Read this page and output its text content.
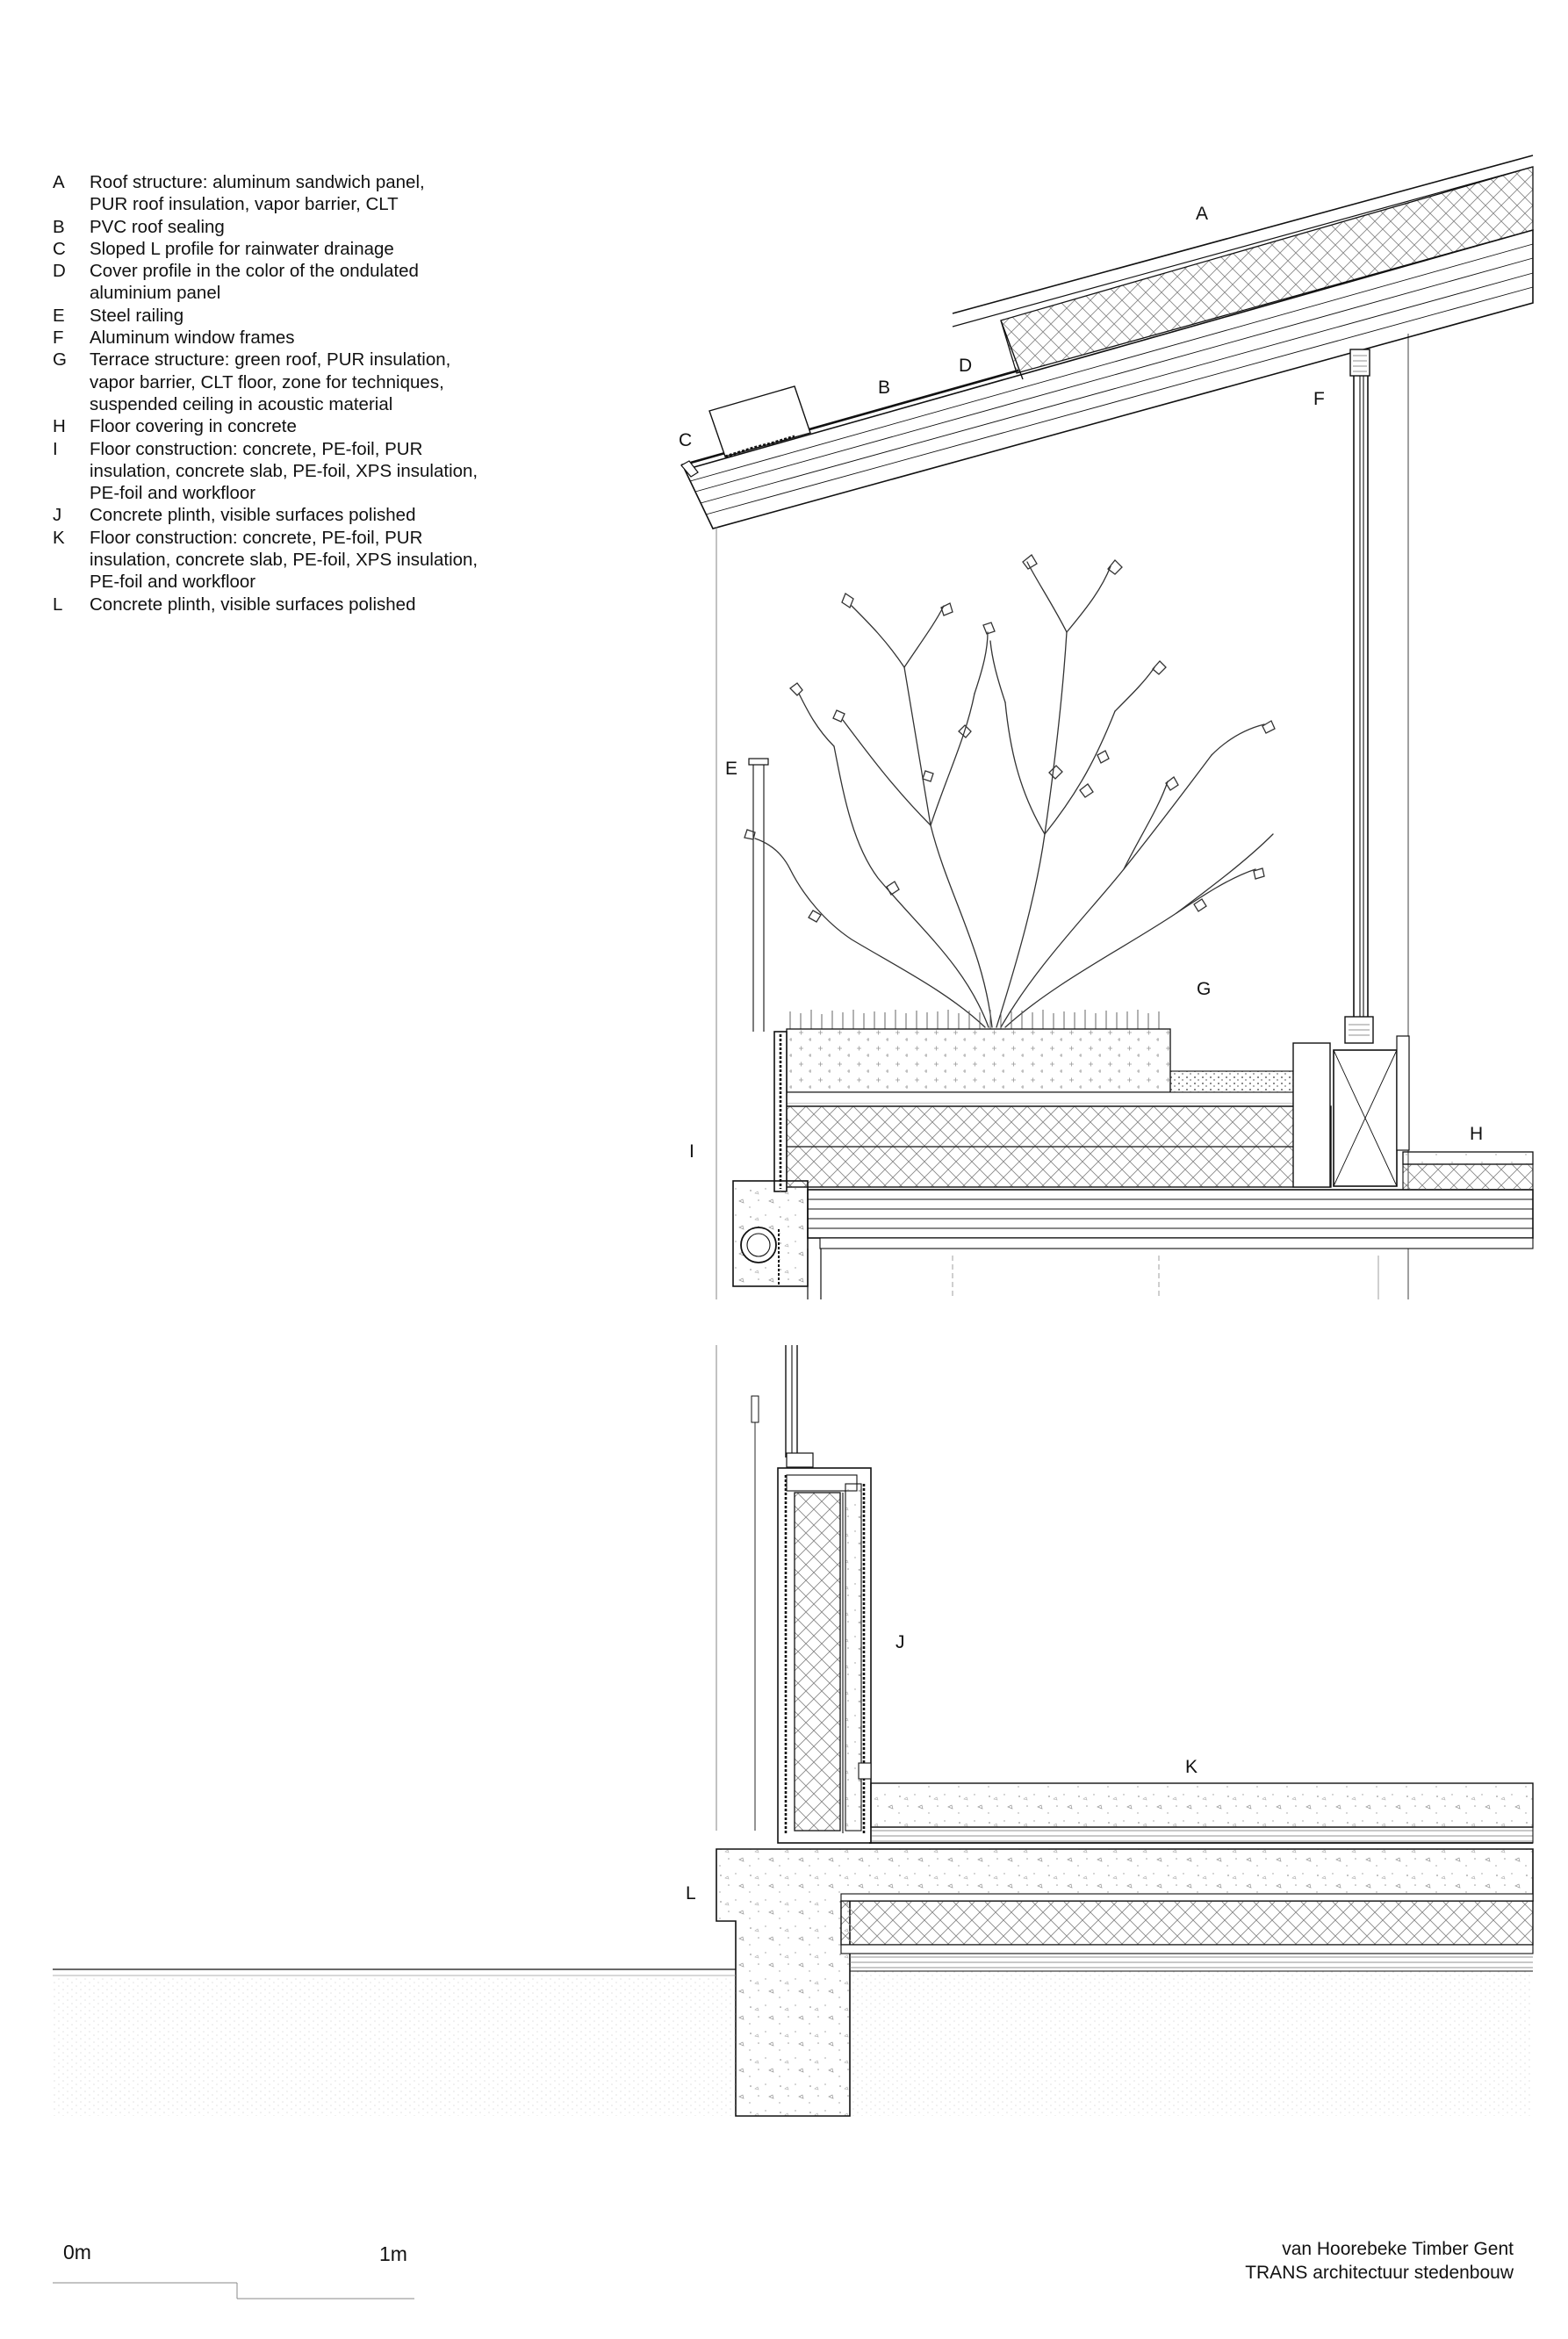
A
B
C
D
E
F
G
H
I
J
K
L
A	Roof structure: aluminum sandwich panel,
PUR roof insulation, vapor barrier, CLT
B	PVC roof sealing
C	Sloped L profile for rainwater drainage
D	Cover profile in the color of the ondulated
aluminium panel
E	Steel railing
F	Aluminum window frames
G	Terrace structure: green roof, PUR insulation,
vapor barrier, CLT floor, zone for techniques,
suspended ceiling in acoustic material
H	Floor covering in concrete
I	Floor construction: concrete, PE-foil, PUR
insulation, concrete slab, PE-foil, XPS insulation,
PE-foil and workfloor
J	Concrete plinth, visible surfaces polished
K	Floor construction: concrete, PE-foil, PUR
insulation, concrete slab, PE-foil, XPS insulation,
PE-foil and workfloor
L	Concrete plinth, visible surfaces polished
0m	1m	van Hoorebeke Timber Gent
TRANS architectuur stedenbouw
